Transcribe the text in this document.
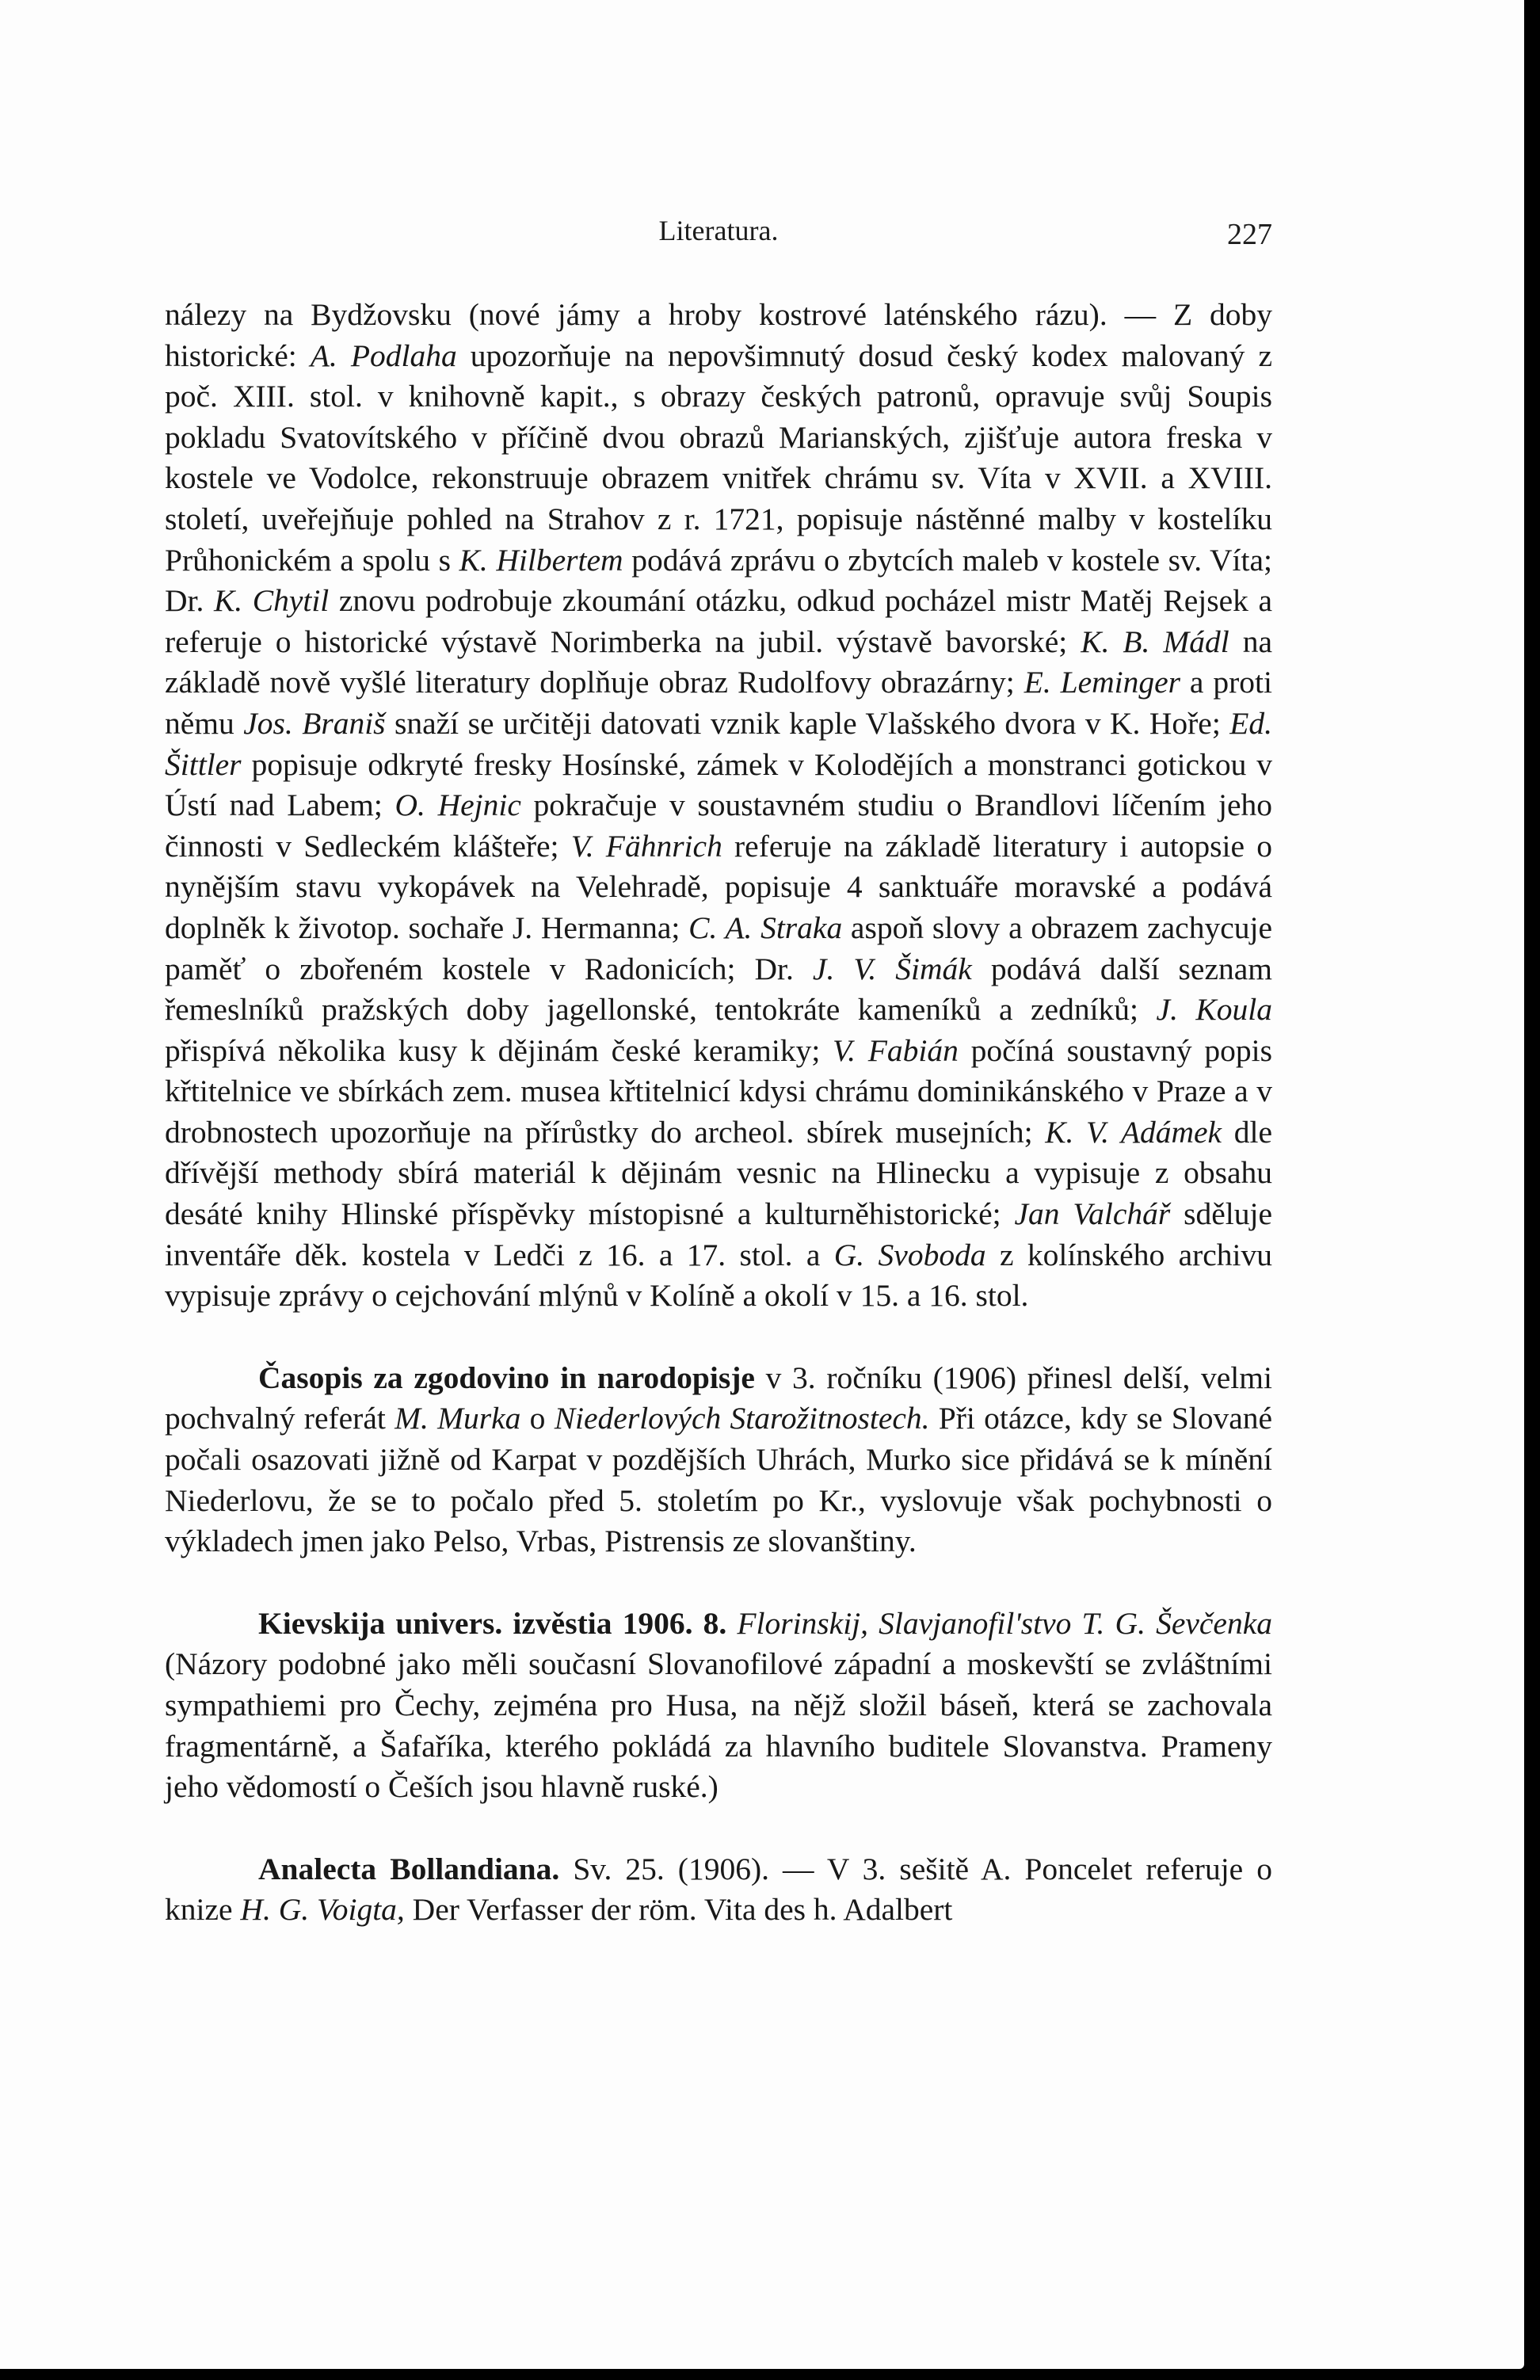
Literatura.	227

nálezy na Bydžovsku (nové jámy a hroby kostrové laténského rázu). — Z doby historické: A. Podlaha upozorňuje na nepovšimnutý dosud český kodex malovaný z poč. XIII. stol. v knihovně kapit., s obrazy českých patronů, opravuje svůj Soupis pokladu Svatovítského v příčině dvou obrazů Marianských, zjišťuje autora freska v kostele ve Vodolce, rekonstruuje obrazem vnitřek chrámu sv. Víta v XVII. a XVIII. století, uveřejňuje pohled na Strahov z r. 1721, popisuje nástěnné malby v kostelíku Průhonickém a spolu s K. Hilbertem podává zprávu o zbytcích maleb v kostele sv. Víta; Dr. K. Chytil znovu podrobuje zkoumání otázku, odkud pocházel mistr Matěj Rejsek a referuje o historické výstavě Norimberka na jubil. výstavě bavorské; K. B. Mádl na základě nově vyšlé literatury doplňuje obraz Rudolfovy obrazárny; E. Leminger a proti němu Jos. Braniš snaží se určitěji datovati vznik kaple Vlašského dvora v K. Hoře; Ed. Šittler popisuje odkryté fresky Hosínské, zámek v Kolodějích a monstranci gotickou v Ústí nad Labem; O. Hejnic pokračuje v soustavném studiu o Brandlovi líčením jeho činnosti v Sedleckém klášteře; V. Fähnrich referuje na základě literatury i autopsie o nynějším stavu vykopávek na Velehradě, popisuje 4 sanktuáře moravské a podává doplněk k životop. sochaře J. Hermanna; C. A. Straka aspoň slovy a obrazem zachycuje paměť o zbořeném kostele v Radonicích; Dr. J. V. Šimák podává další seznam řemeslníků pražských doby jagellonské, tentokráte kameníků a zedníků; J. Koula přispívá několika kusy k dějinám české keramiky; V. Fabián počíná soustavný popis křtitelnice ve sbírkách zem. musea křtitelnicí kdysi chrámu dominikánského v Praze a v drobnostech upozorňuje na přírůstky do archeol. sbírek musejních; K. V. Adámek dle dřívější methody sbírá materiál k dějinám vesnic na Hlinecku a vypisuje z obsahu desáté knihy Hlinské příspěvky místopisné a kulturněhistorické; Jan Valchář sděluje inventáře děk. kostela v Ledči z 16. a 17. stol. a G. Svoboda z kolínského archivu vypisuje zprávy o cejchování mlýnů v Kolíně a okolí v 15. a 16. stol.

Časopis za zgodovino in narodopisje v 3. ročníku (1906) přinesl delší, velmi pochvalný referát M. Murka o Niederlových Starožitnostech. Při otázce, kdy se Slované počali osazovati jižně od Karpat v pozdějších Uhrách, Murko sice přidává se k mínění Niederlovu, že se to počalo před 5. stoletím po Kr., vyslovuje však pochybnosti o výkladech jmen jako Pelso, Vrbas, Pistrensis ze slovanštiny.

Kievskija univers. izvěstia 1906. 8. Florinskij, Slavjanofil'stvo T. G. Ševčenka (Názory podobné jako měli současní Slovanofilové západní a moskevští se zvláštními sympathiemi pro Čechy, zejména pro Husa, na nějž složil báseň, která se zachovala fragmentárně, a Šafaříka, kterého pokládá za hlavního buditele Slovanstva. Prameny jeho vědomostí o Češích jsou hlavně ruské.)

Analecta Bollandiana. Sv. 25. (1906). — V 3. sešitě A. Poncelet referuje o knize H. G. Voigta, Der Verfasser der röm. Vita des h. Adalbert
